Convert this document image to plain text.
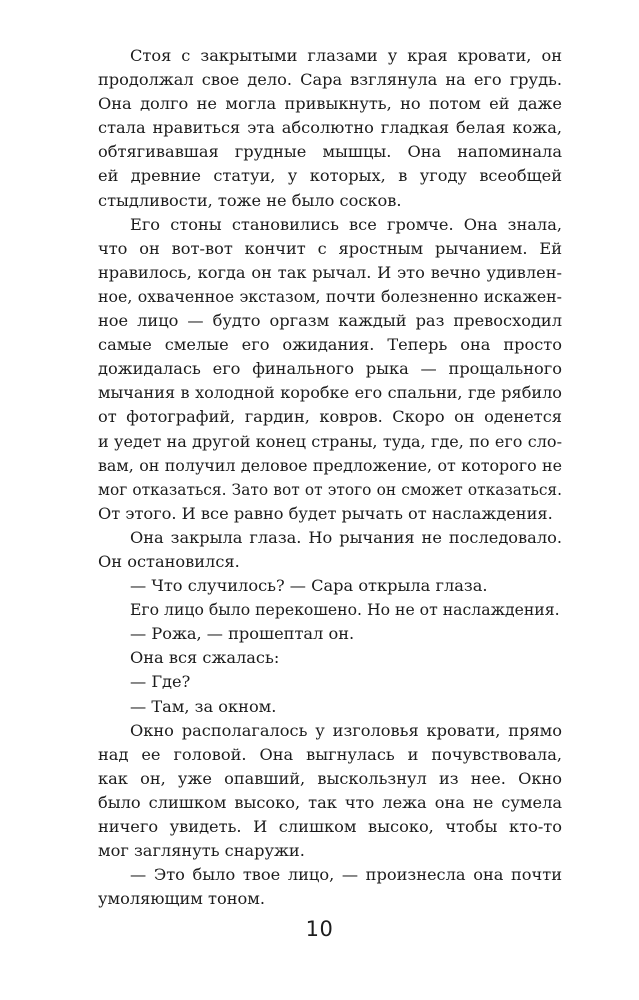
Стоя с закрытыми глазами у края кровати, он
продолжал свое дело. Сара взглянула на его грудь.
Она долго не могла привыкнуть, но потом ей даже
стала нравиться эта абсолютно гладкая белая кожа,
обтягивавшая грудные мышцы. Она напоминала
ей древние статуи, у которых, в угоду всеобщей
стыдливости, тоже не было сосков.
Его стоны становились все громче. Она знала,
что он вот-вот кончит с яростным рычанием. Ей
нравилось, когда он так рычал. И это вечно удивлен-
ное, охваченное экстазом, почти болезненно искажен-
ное лицо — будто оргазм каждый раз превосходил
самые смелые его ожидания. Теперь она просто
дожидалась его финального рыка — прощального
мычания в холодной коробке его спальни, где рябило
от фотографий, гардин, ковров. Скоро он оденется
и уедет на другой конец страны, туда, где, по его сло-
вам, он получил деловое предложение, от которого не
мог отказаться. Зато вот от этого он сможет отказаться.
От этого. И все равно будет рычать от наслаждения.
Она закрыла глаза. Но рычания не последовало.
Он остановился.
— Что случилось? — Сара открыла глаза.
Его лицо было перекошено. Но не от наслаждения.
— Рожа, — прошептал он.
Она вся сжалась:
— Где?
— Там, за окном.
Окно располагалось у изголовья кровати, прямо
над ее головой. Она выгнулась и почувствовала,
как он, уже опавший, выскользнул из нее. Окно
было слишком высоко, так что лежа она не сумела
ничего увидеть. И слишком высоко, чтобы кто-то
мог заглянуть снаружи.
— Это было твое лицо, — произнесла она почти
умоляющим тоном.
10
